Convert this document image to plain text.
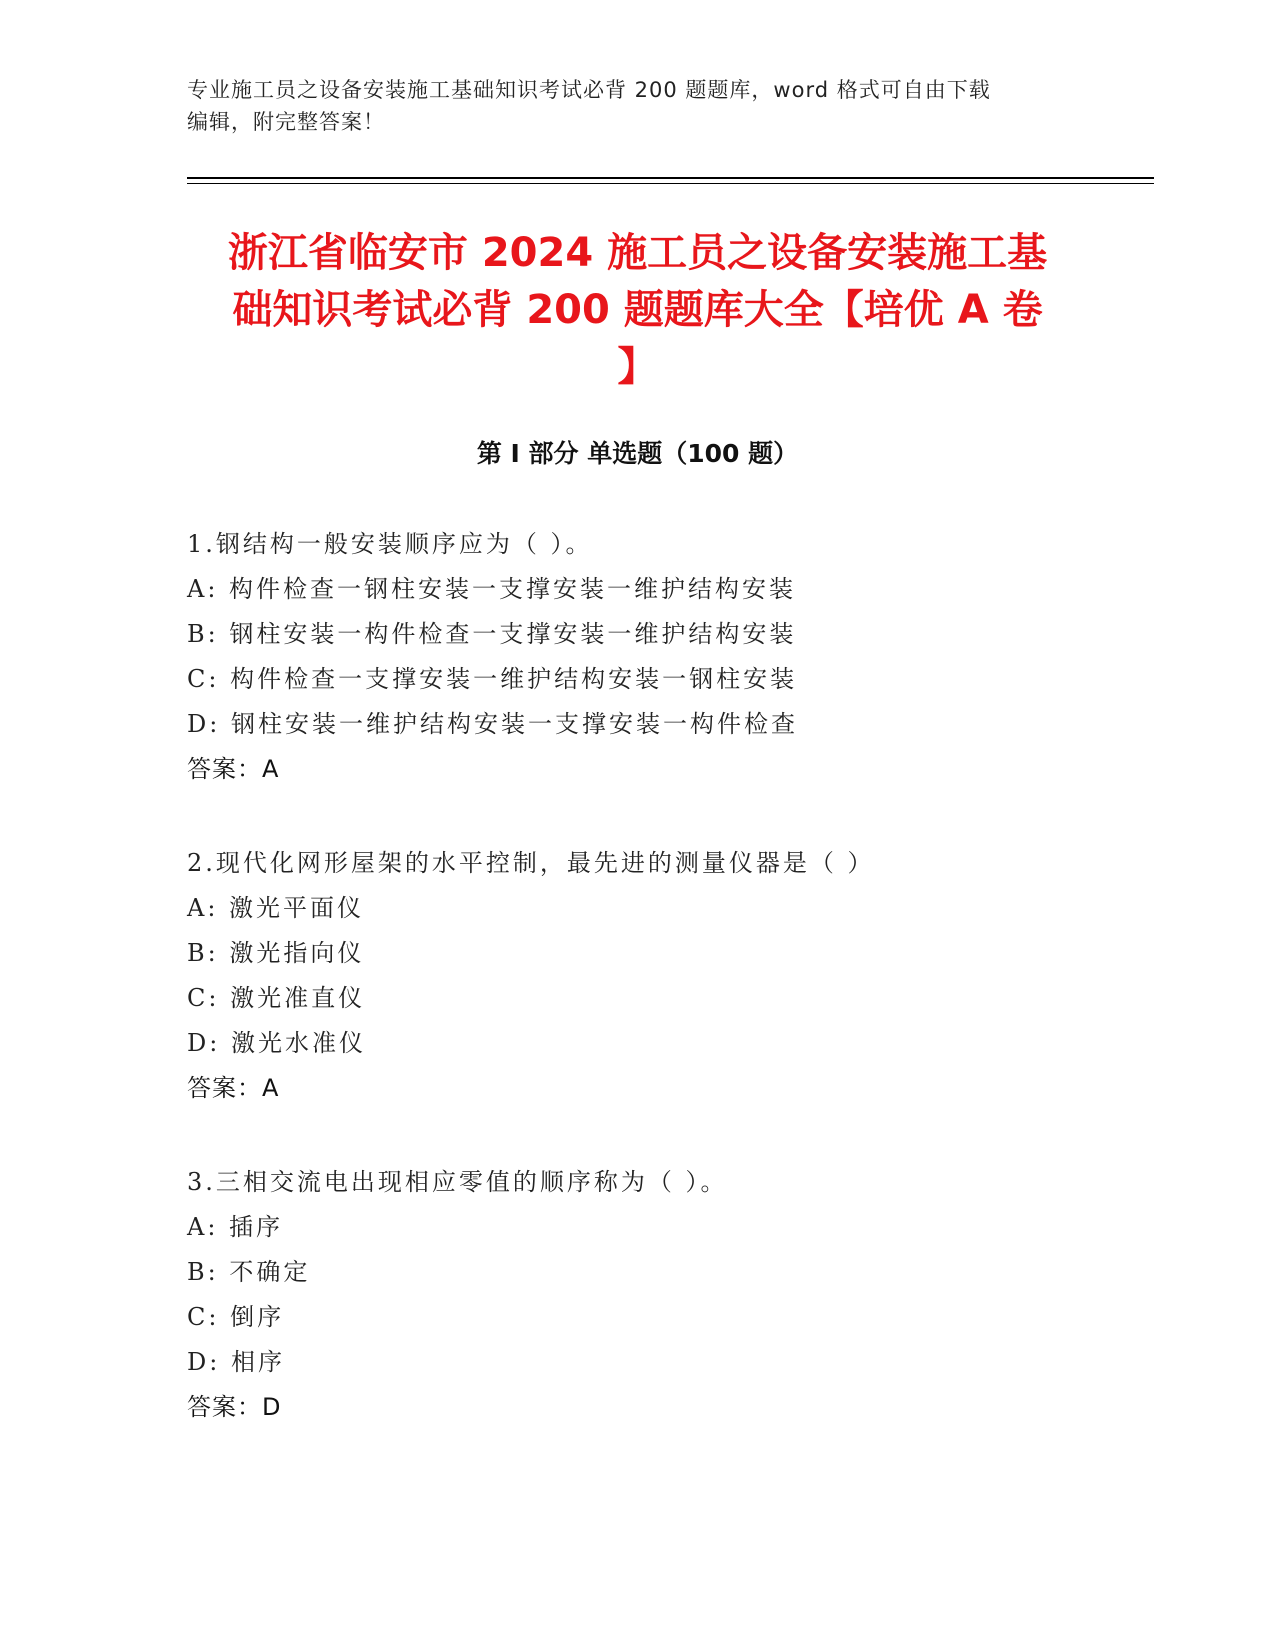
专业施工员之设备安装施工基础知识考试必背 200 题题库，word 格式可自由下载
编辑，附完整答案！
浙江省临安市 2024 施工员之设备安装施工基
础知识考试必背 200 题题库大全【培优 A 卷
】
第 I 部分 单选题（100 题）
1.钢结构一般安装顺序应为（ ）。
A: 构件检查一钢柱安装一支撑安装一维护结构安装
B: 钢柱安装一构件检查一支撑安装一维护结构安装
C: 构件检查一支撑安装一维护结构安装一钢柱安装
D: 钢柱安装一维护结构安装一支撑安装一构件检查
答案：A
2.现代化网形屋架的水平控制，最先进的测量仪器是（ ）
A: 激光平面仪
B: 激光指向仪
C: 激光准直仪
D: 激光水准仪
答案：A
3.三相交流电出现相应零值的顺序称为（ ）。
A: 插序
B: 不确定
C: 倒序
D: 相序
答案：D
